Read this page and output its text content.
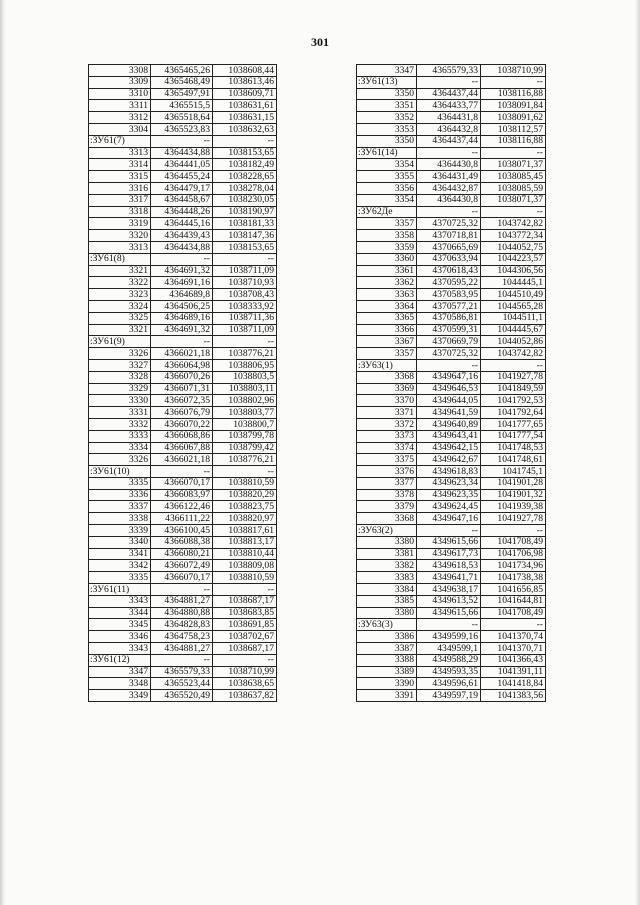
301
3308	4365465,26	1038608,44
3309	4365468,49	1038613,46
3310	4365497,91	1038609,71
3311	4365515,5	1038631,61
3312	4365518,64	1038631,15
3304	4365523,83	1038632,63
:ЗУ61(7)	--	--
3313	4364434,88	1038153,65
3314	4364441,05	1038182,49
3315	4364455,24	1038228,65
3316	4364479,17	1038278,04
3317	4364458,67	1038230,05
3318	4364448,26	1038190,97
3319	4364445,16	1038181,33
3320	4364439,43	1038147,36
3313	4364434,88	1038153,65
:ЗУ61(8)	--	--
3321	4364691,32	1038711,09
3322	4364691,16	1038710,93
3323	4364689,8	1038708,43
3324	4364506,25	1038333,92
3325	4364689,16	1038711,36
3321	4364691,32	1038711,09
:ЗУ61(9)	--	--
3326	4366021,18	1038776,21
3327	4366064,98	1038806,95
3328	4366070,26	1038803,5
3329	4366071,31	1038803,11
3330	4366072,35	1038802,96
3331	4366076,79	1038803,77
3332	4366070,22	1038800,7
3333	4366068,86	1038799,78
3334	4366067,88	1038799,42
3326	4366021,18	1038776,21
:ЗУ61(10)	--	--
3335	4366070,17	1038810,59
3336	4366083,97	1038820,29
3337	4366122,46	1038823,75
3338	4366111,22	1038820,97
3339	4366100,45	1038817,61
3340	4366088,38	1038813,17
3341	4366080,21	1038810,44
3342	4366072,49	1038809,08
3335	4366070,17	1038810,59
:ЗУ61(11)	--	--
3343	4364881,27	1038687,17
3344	4364880,88	1038683,85
3345	4364828,83	1038691,85
3346	4364758,23	1038702,67
3343	4364881,27	1038687,17
:ЗУ61(12)	--	--
3347	4365579,33	1038710,99
3348	4365523,44	1038638,65
3349	4365520,49	1038637,82
3347	4365579,33	1038710,99
:ЗУ61(13)	--	--
3350	4364437,44	1038116,88
3351	4364433,77	1038091,84
3352	4364431,8	1038091,62
3353	4364432,8	1038112,57
3350	4364437,44	1038116,88
:ЗУ61(14)	--	--
3354	4364430,8	1038071,37
3355	4364431,49	1038085,45
3356	4364432,87	1038085,59
3354	4364430,8	1038071,37
:ЗУ62Де	--	--
3357	4370725,32	1043742,82
3358	4370718,81	1043772,34
3359	4370665,69	1044052,75
3360	4370633,94	1044223,57
3361	4370618,43	1044306,56
3362	4370595,22	1044445,1
3363	4370583,95	1044510,49
3364	4370577,21	1044565,28
3365	4370586,81	1044511,1
3366	4370599,31	1044445,67
3367	4370669,79	1044052,86
3357	4370725,32	1043742,82
:ЗУ63(1)	--	--
3368	4349647,16	1041927,78
3369	4349646,53	1041849,59
3370	4349644,05	1041792,53
3371	4349641,59	1041792,64
3372	4349640,89	1041777,65
3373	4349643,41	1041777,54
3374	4349642,15	1041748,53
3375	4349642,67	1041748,61
3376	4349618,83	1041745,1
3377	4349623,34	1041901,28
3378	4349623,35	1041901,32
3379	4349624,45	1041939,38
3368	4349647,16	1041927,78
:ЗУ63(2)	--	--
3380	4349615,66	1041708,49
3381	4349617,73	1041706,98
3382	4349618,53	1041734,96
3383	4349641,71	1041738,38
3384	4349638,17	1041656,85
3385	4349613,52	1041644,81
3380	4349615,66	1041708,49
:ЗУ63(3)	--	--
3386	4349599,16	1041370,74
3387	4349599,1	1041370,71
3388	4349588,29	1041366,43
3389	4349593,35	1041391,11
3390	4349596,61	1041418,84
3391	4349597,19	1041383,56
